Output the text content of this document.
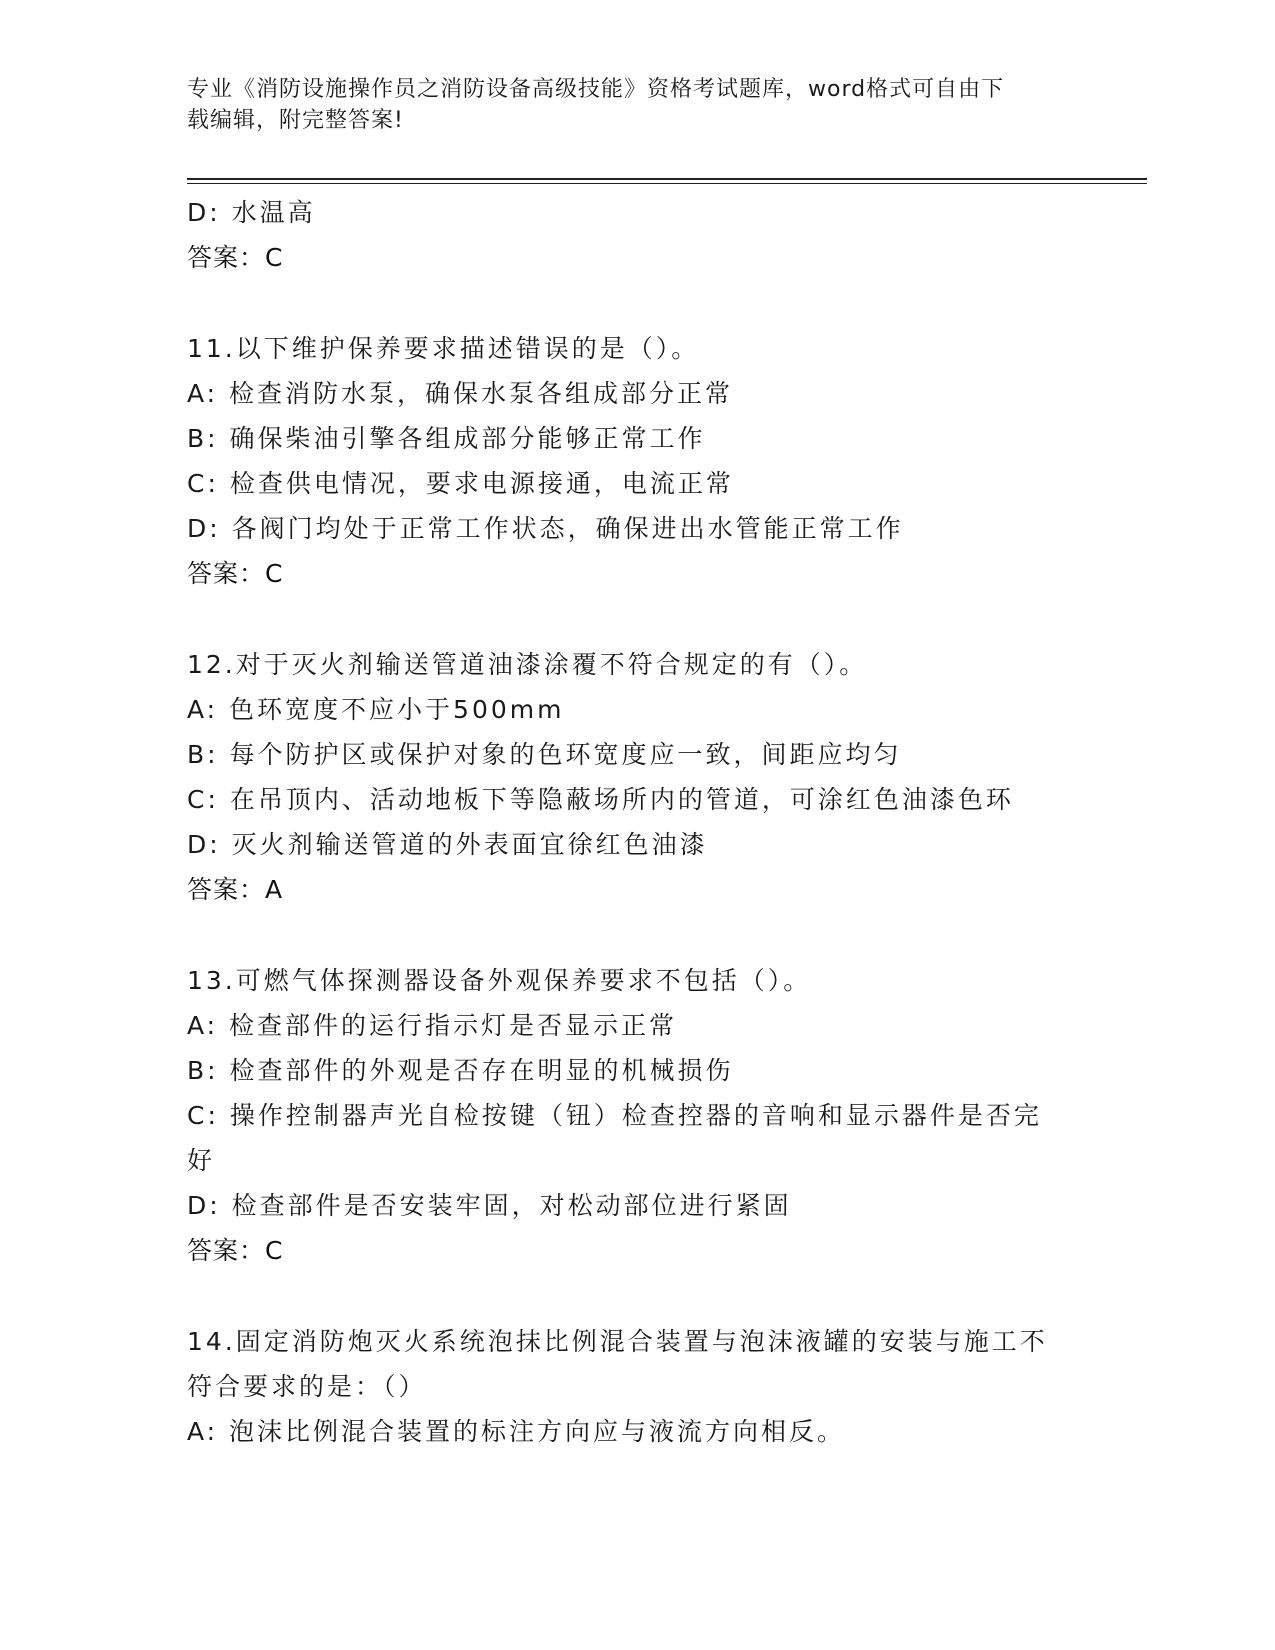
专业《消防设施操作员之消防设备高级技能》资格考试题库，word格式可自由下
载编辑，附完整答案!
D: 水温高
答案：C
11.以下维护保养要求描述错误的是（）。
A: 检查消防水泵，确保水泵各组成部分正常
B: 确保柴油引擎各组成部分能够正常工作
C: 检查供电情况，要求电源接通，电流正常
D: 各阀门均处于正常工作状态，确保进出水管能正常工作
答案：C
12.对于灭火剂输送管道油漆涂覆不符合规定的有（）。
A: 色环宽度不应小于500mm
B: 每个防护区或保护对象的色环宽度应一致，间距应均匀
C: 在吊顶内、活动地板下等隐蔽场所内的管道，可涂红色油漆色环
D: 灭火剂输送管道的外表面宜徐红色油漆
答案：A
13.可燃气体探测器设备外观保养要求不包括（）。
A: 检查部件的运行指示灯是否显示正常
B: 检查部件的外观是否存在明显的机械损伤
C: 操作控制器声光自检按键（钮）检查控器的音响和显示器件是否完好
D: 检查部件是否安装牢固，对松动部位进行紧固
答案：C
14.固定消防炮灭火系统泡抹比例混合装置与泡沫液罐的安装与施工不符合要求的是：（）
A: 泡沫比例混合装置的标注方向应与液流方向相反。
